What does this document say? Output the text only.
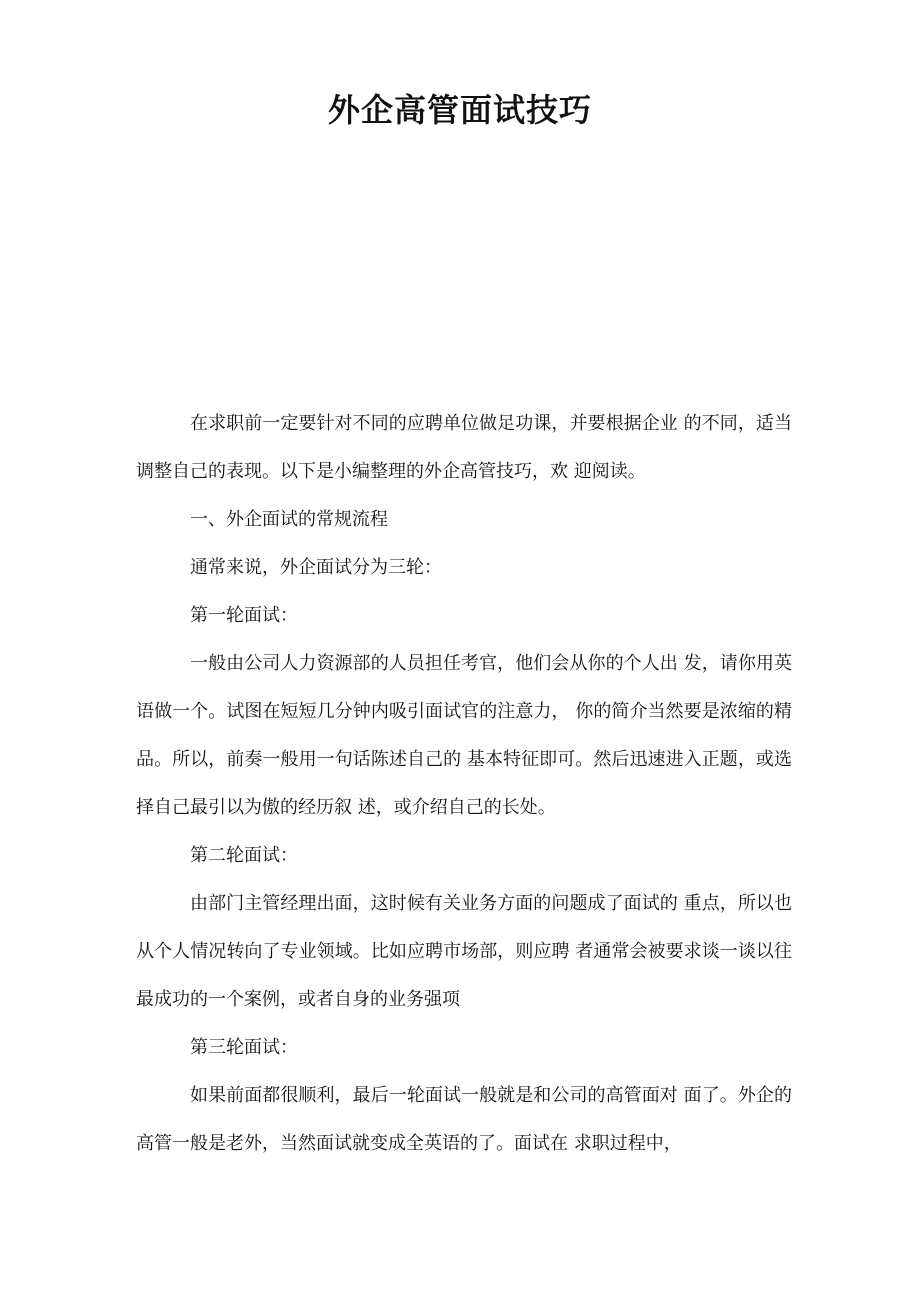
外企高管面试技巧

在求职前一定要针对不同的应聘单位做足功课，并要根据企业 的不同，适当调整自己的表现。以下是小编整理的外企高管技巧，欢 迎阅读。

一、外企面试的常规流程

通常来说，外企面试分为三轮：

第一轮面试：

一般由公司人力资源部的人员担任考官，他们会从你的个人出 发，请你用英语做一个。试图在短短几分钟内吸引面试官的注意力， 你的简介当然要是浓缩的精品。所以，前奏一般用一句话陈述自己的 基本特征即可。然后迅速进入正题，或选择自己最引以为傲的经历叙 述，或介绍自己的长处。

第二轮面试：

由部门主管经理出面，这时候有关业务方面的问题成了面试的 重点，所以也从个人情况转向了专业领域。比如应聘市场部，则应聘 者通常会被要求谈一谈以往最成功的一个案例，或者自身的业务强项

第三轮面试：

如果前面都很顺利，最后一轮面试一般就是和公司的高管面对 面了。外企的高管一般是老外，当然面试就变成全英语的了。面试在 求职过程中，
